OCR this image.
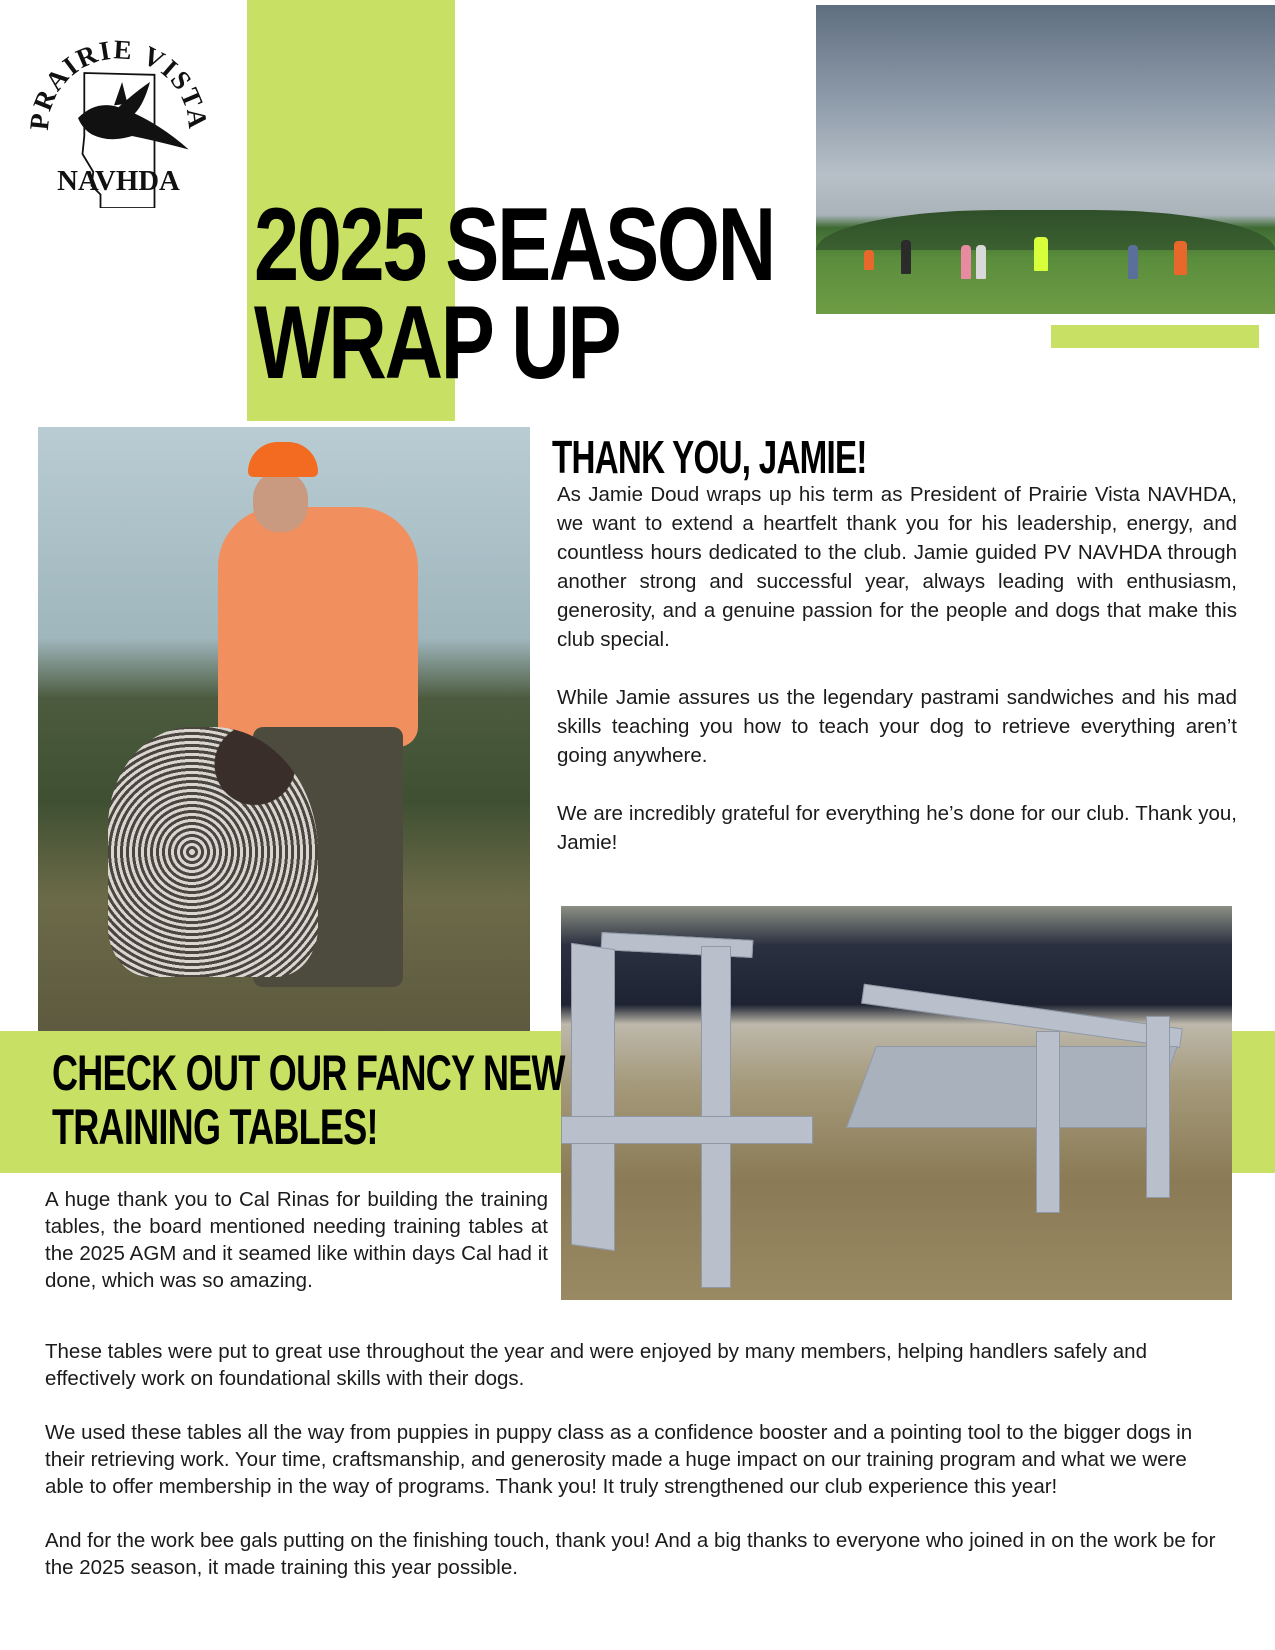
PRAIRIE VISTA
NAVHDA
2025 SEASON
WRAP UP
THANK YOU, JAMIE!

As Jamie Doud wraps up his term as President of Prairie Vista NAVHDA, we want to extend a heartfelt thank you for his leadership, energy, and countless hours dedicated to the club. Jamie guided PV NAVHDA through another strong and successful year, always leading with enthusiasm, generosity, and a genuine passion for the people and dogs that make this club special.

While Jamie assures us the legendary pastrami sandwiches and his mad skills teaching you how to teach your dog to retrieve everything aren’t going anywhere.

We are incredibly grateful for everything he’s done for our club. Thank you, Jamie!

CHECK OUT OUR FANCY NEW
TRAINING TABLES!

A huge thank you to Cal Rinas for building the training tables, the board mentioned needing training tables at the 2025 AGM and it seamed like within days Cal had it done, which was so amazing.

These tables were put to great use throughout the year and were enjoyed by many members, helping handlers safely and effectively work on foundational skills with their dogs.

We used these tables all the way from puppies in puppy class as a confidence booster and a pointing tool to the bigger dogs in their retrieving work. Your time, craftsmanship, and generosity made a huge impact on our training program and what we were able to offer membership in the way of programs. Thank you! It truly strengthened our club experience this year!

And for the work bee gals putting on the finishing touch, thank you! And a big thanks to everyone who joined in on the work be for the 2025 season, it made training this year possible.
